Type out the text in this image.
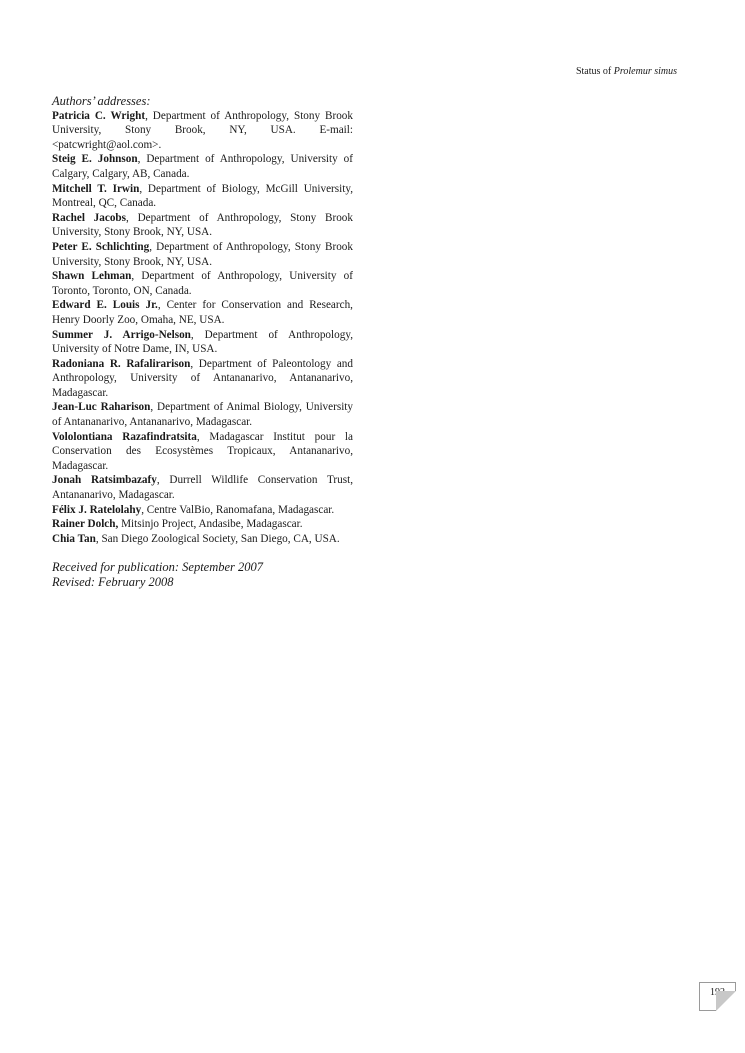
Status of Prolemur simus

Authors’ addresses:

Patricia C. Wright, Department of Anthropology, Stony Brook University, Stony Brook, NY, USA. E-mail: <patcwright@aol.com>.

Steig E. Johnson, Department of Anthropology, University of Calgary, Calgary, AB, Canada.

Mitchell T. Irwin, Department of Biology, McGill University, Montreal, QC, Canada.

Rachel Jacobs, Department of Anthropology, Stony Brook University, Stony Brook, NY, USA.

Peter E. Schlichting, Department of Anthropology, Stony Brook University, Stony Brook, NY, USA.

Shawn Lehman, Department of Anthropology, University of Toronto, Toronto, ON, Canada.

Edward E. Louis Jr., Center for Conservation and Research, Henry Doorly Zoo, Omaha, NE, USA.

Summer J. Arrigo-Nelson, Department of Anthropology, University of Notre Dame, IN, USA.

Radoniana R. Rafalirarison, Department of Paleontology and Anthropology, University of Antananarivo, Antananarivo, Madagascar.

Jean-Luc Raharison, Department of Animal Biology, University of Antananarivo, Antananarivo, Madagascar.

Vololontiana Razafindratsita, Madagascar Institut pour la Conservation des Ecosystèmes Tropicaux, Antananarivo, Madagascar.

Jonah Ratsimbazafy, Durrell Wildlife Conservation Trust, Antananarivo, Madagascar.

Félix J. Ratelolahy, Centre ValBio, Ranomafana, Madagascar.

Rainer Dolch, Mitsinjo Project, Andasibe, Madagascar.

Chia Tan, San Diego Zoological Society, San Diego, CA, USA.

Received for publication: September 2007

Revised: February 2008

192
